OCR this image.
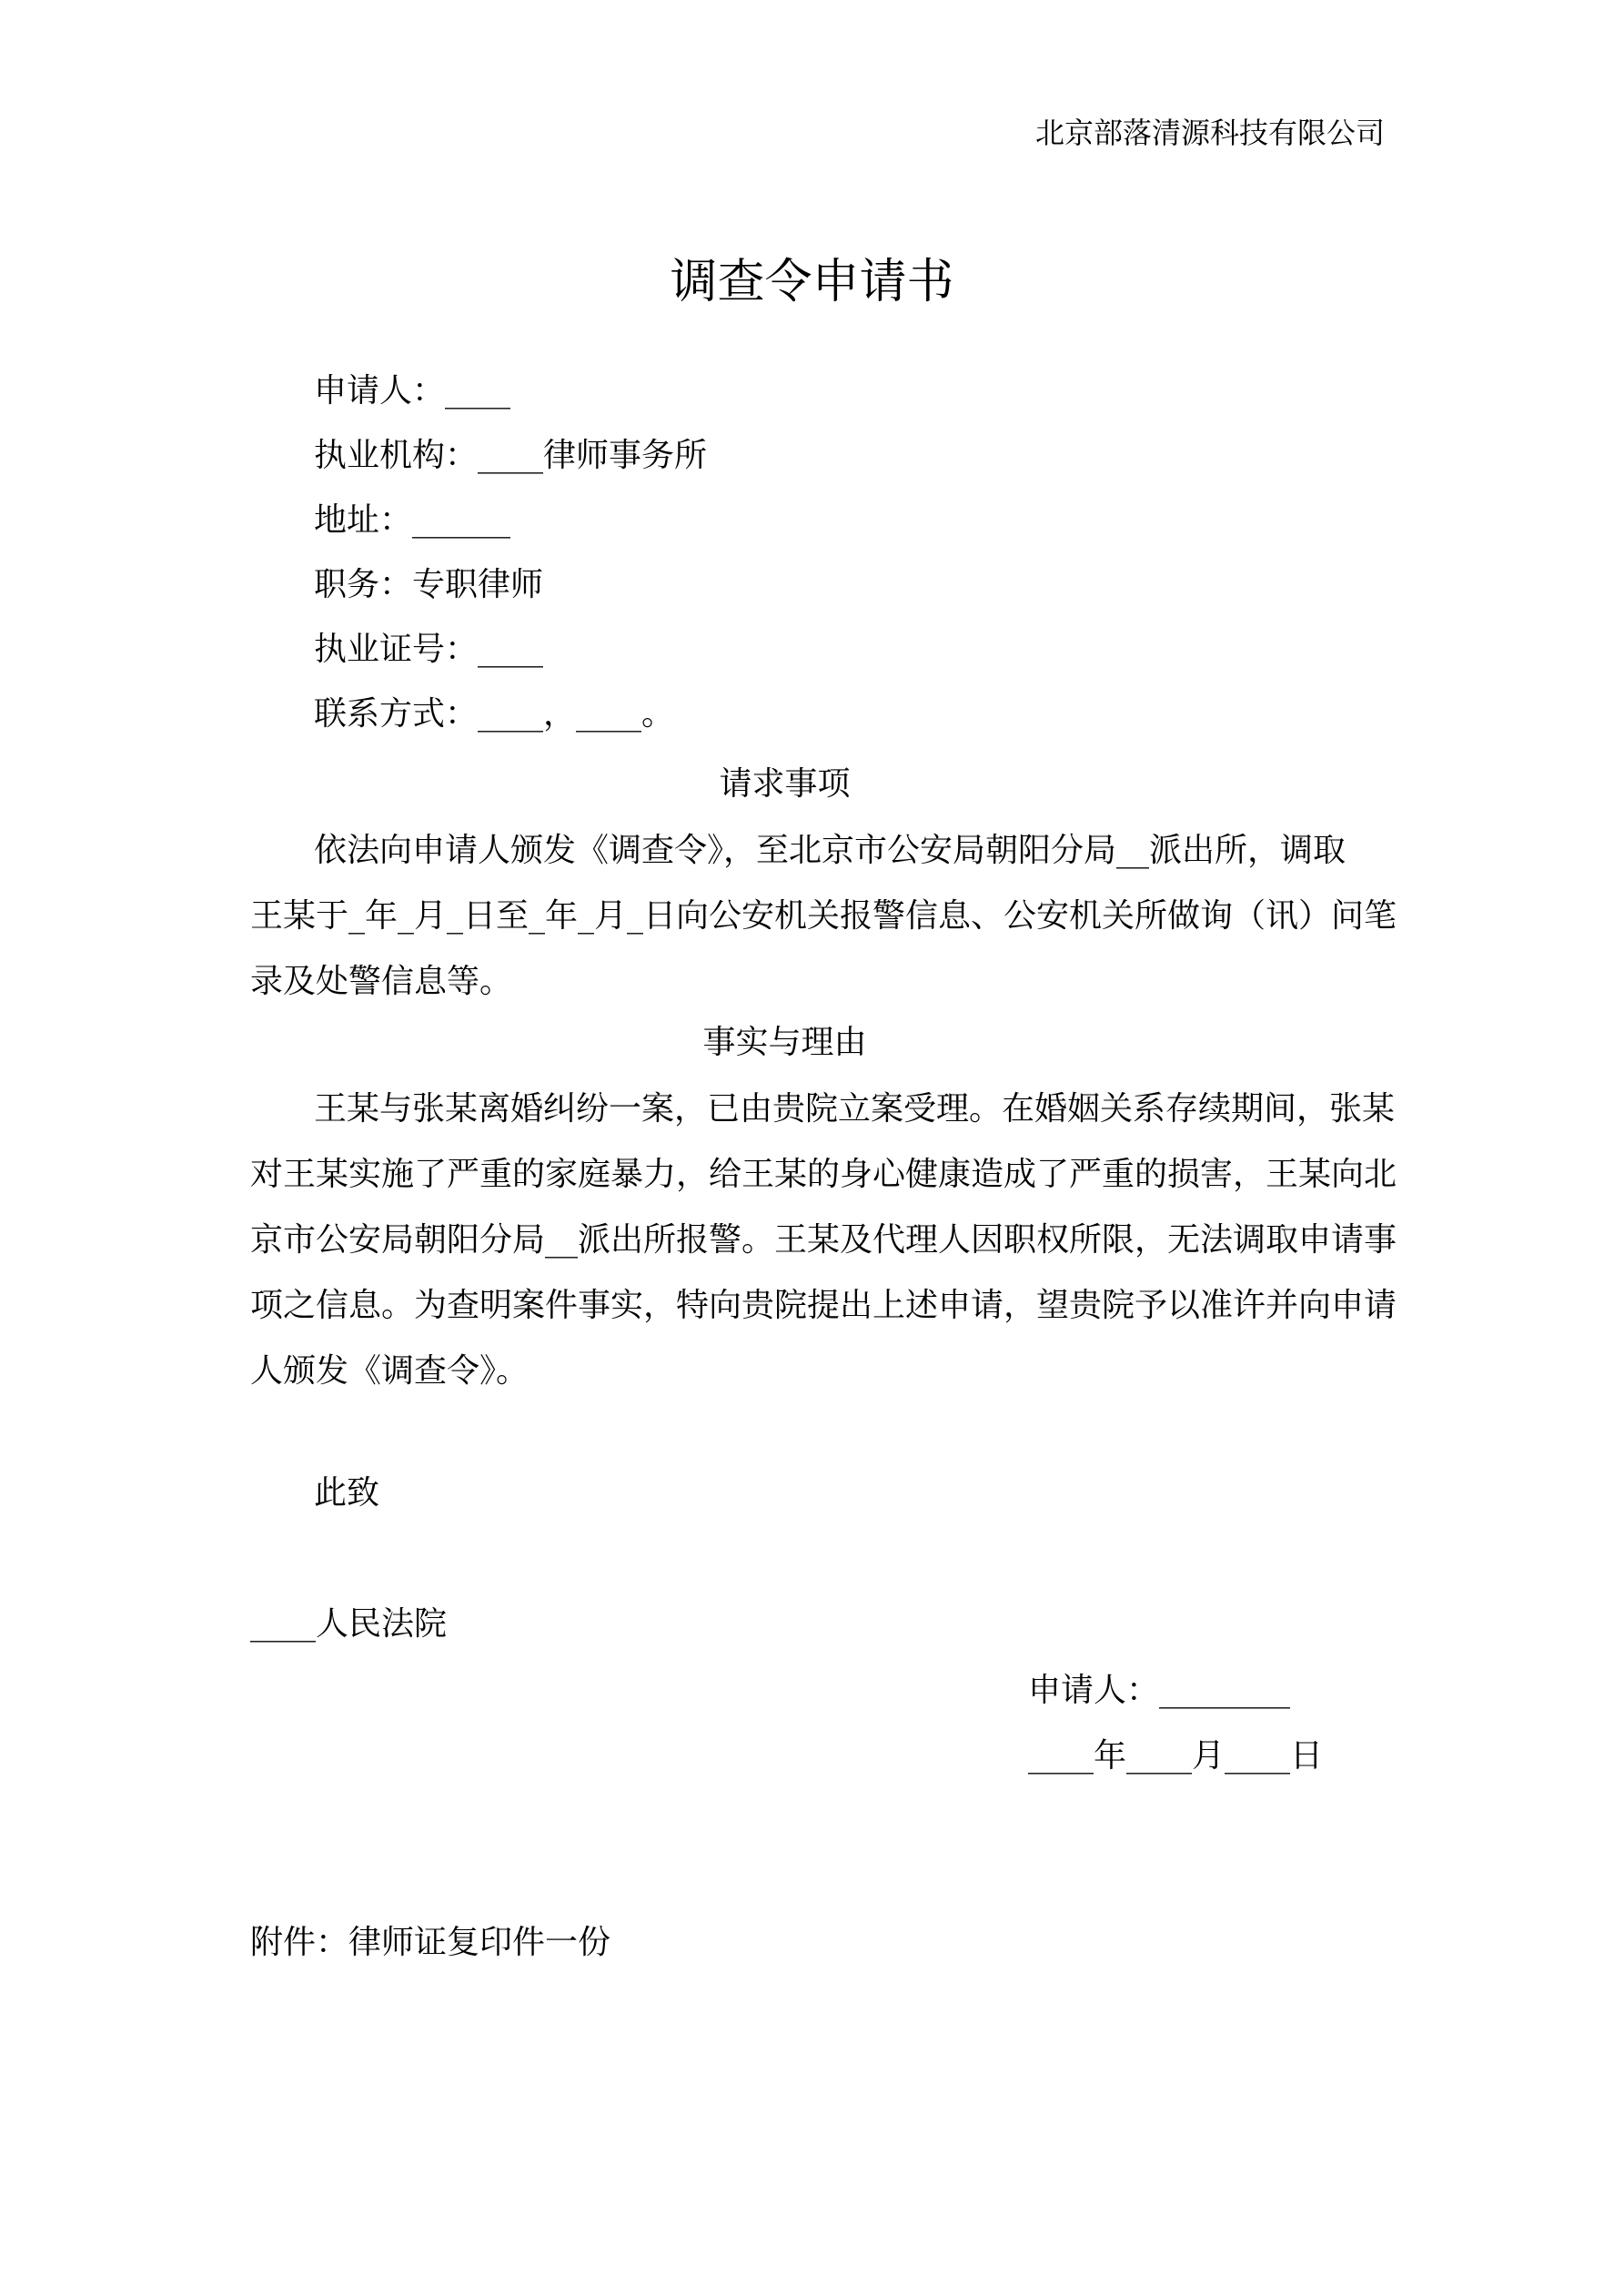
北京部落清源科技有限公司
调查令申请书
申请人：____
执业机构：____律师事务所
地址：______
职务：专职律师
执业证号：____
联系方式：____，____。
请求事项
依法向申请人颁发《调查令》，至北京市公安局朝阳分局__派出所，调取
王某于_年_月_日至_年_月_日向公安机关报警信息、公安机关所做询（讯）问笔
录及处警信息等。
事实与理由
王某与张某离婚纠纷一案，已由贵院立案受理。在婚姻关系存续期间，张某
对王某实施了严重的家庭暴力，给王某的身心健康造成了严重的损害，王某向北
京市公安局朝阳分局__派出所报警。王某及代理人因职权所限，无法调取申请事
项之信息。为查明案件事实，特向贵院提出上述申请，望贵院予以准许并向申请
人颁发《调查令》。
此致
____人民法院
申请人：________
____年____月____日
附件：律师证复印件一份
